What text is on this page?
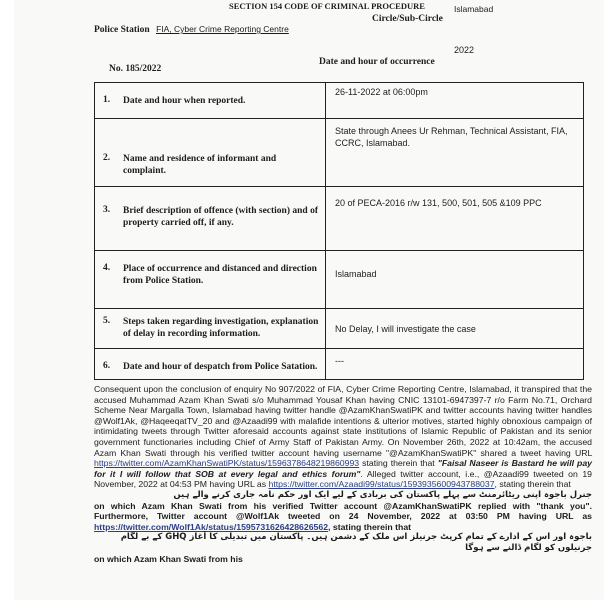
SECTION 154 CODE OF CRIMINAL PROCEDURE
Police Station FIA, Cyber Crime Reporting Centre
Circle/Sub-Circle
Islamabad
No. 185/2022
Date and hour of occurrence
2022
1. Date and hour when reported.
26-11-2022 at 06:00pm
2. Name and residence of informant and complaint.
State through Anees Ur Rehman, Technical Assistant, FIA, CCRC, Islamabad.
3. Brief description of offence (with section) and of property carried off, if any.
20 of PECA-2016 r/w 131, 500, 501, 505 &109 PPC
4. Place of occurrence and distanced and direction from Police Station.
Islamabad
5. Steps taken regarding investigation, explanation of delay in recording information.	No Delay, I will investigate the case
6. Date and hour of despatch from Police Satation.
---

Consequent upon the conclusion of enquiry No 907/2022 of FIA, Cyber Crime Reporting Centre, Islamabad, it transpired that the accused Muhammad Azam Khan Swati s/o Muhammad Yousaf Khan having CNIC 13101-6947397-7 r/o Farm No.71, Orchard Scheme Near Margalla Town, Islamabad having twitter handle @AzamKhanSwatiPK and twitter accounts having twitter handles @Wolf1Ak, @HaqeeqatTV_20 and @Azaadi99 with malafide intentions & ulterior motives, started highly obnoxious campaign of intimidating tweets through Twitter aforesaid accounts against state institutions of Islamic Republic of Pakistan and its senior government functionaries including Chief of Army Staff of Pakistan Army. On November 26th, 2022 at 10:42am, the accused Azam Khan Swati through his verified twitter account having username "@AzamKhanSwatiPK" shared a tweet having URL https://twitter.com/AzamKhanSwatiPK/status/1596378648219860993 stating therein that "Faisal Naseer is Bastard he will pay for it I will follow that SOB at every legal and ethics forum". Alleged twitter account, i.e., @Azaadi99 tweeted on 19 November, 2022 at 04:53 PM having URL as https://twitter.com/Azaadi99/status/1593935600943788037, stating therein that

جنرل باجوہ اپنی ریٹائرمنٹ سے پہلے پاکستان کی بربادی کے لیے ایک اور حکم نامہ جاری کرنے والے ہیں

on which Azam Khan Swati from his verified Twitter account @AzamKhanSwatiPK replied with "thank you". Furthermore, Twitter account @Wolf1Ak tweeted on 24 November, 2022 at 03:50 PM having URL as https://twitter.com/Wolf1Ak/status/1595731626428626562, stating therein that

باجوہ اور اس کے ادارے کے تمام کرپٹ جرنیلز اس ملک کے دشمن ہیں۔ پاکستان میں تبدیلی کا آغاز GHQ کے بے لگام جرنیلوں کو لگام ڈالنے سے ہوگا

on which Azam Khan Swati from his
